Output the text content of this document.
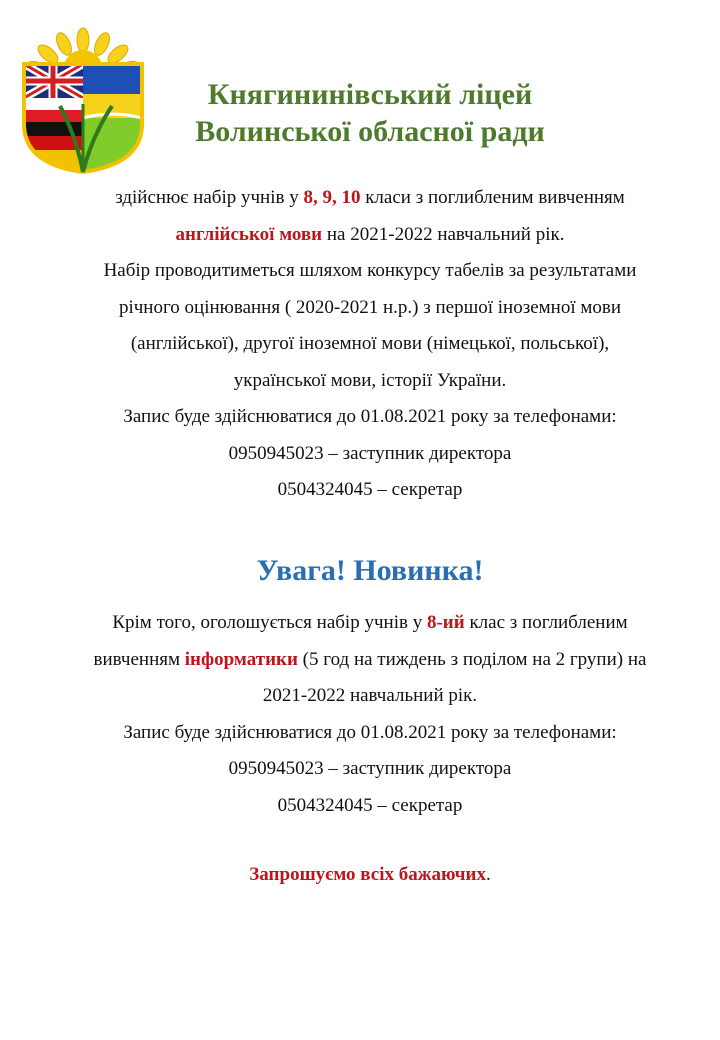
Княгининівський ліцей
Волинської обласної ради
здійснює набір учнів у 8, 9, 10 класи з поглибленим вивченням
англійської мови на 2021-2022 навчальний рік.
Набір проводитиметься шляхом конкурсу табелів за результатами
річного оцінювання ( 2020-2021 н.р.) з першої іноземної мови
(англійської), другої іноземної мови (німецької, польської),
української мови, історії України.
Запис буде здійснюватися до 01.08.2021 року за телефонами:
0950945023 – заступник директора
0504324045 – секретар
Увага! Новинка!
Крім того, оголошується набір учнів у 8-ий клас з поглибленим
вивченням інформатики (5 год на тиждень з поділом на 2 групи) на
2021-2022 навчальний рік.
Запис буде здійснюватися до 01.08.2021 року за телефонами:
0950945023 – заступник директора
0504324045 – секретар
Запрошуємо всіх бажаючих.
